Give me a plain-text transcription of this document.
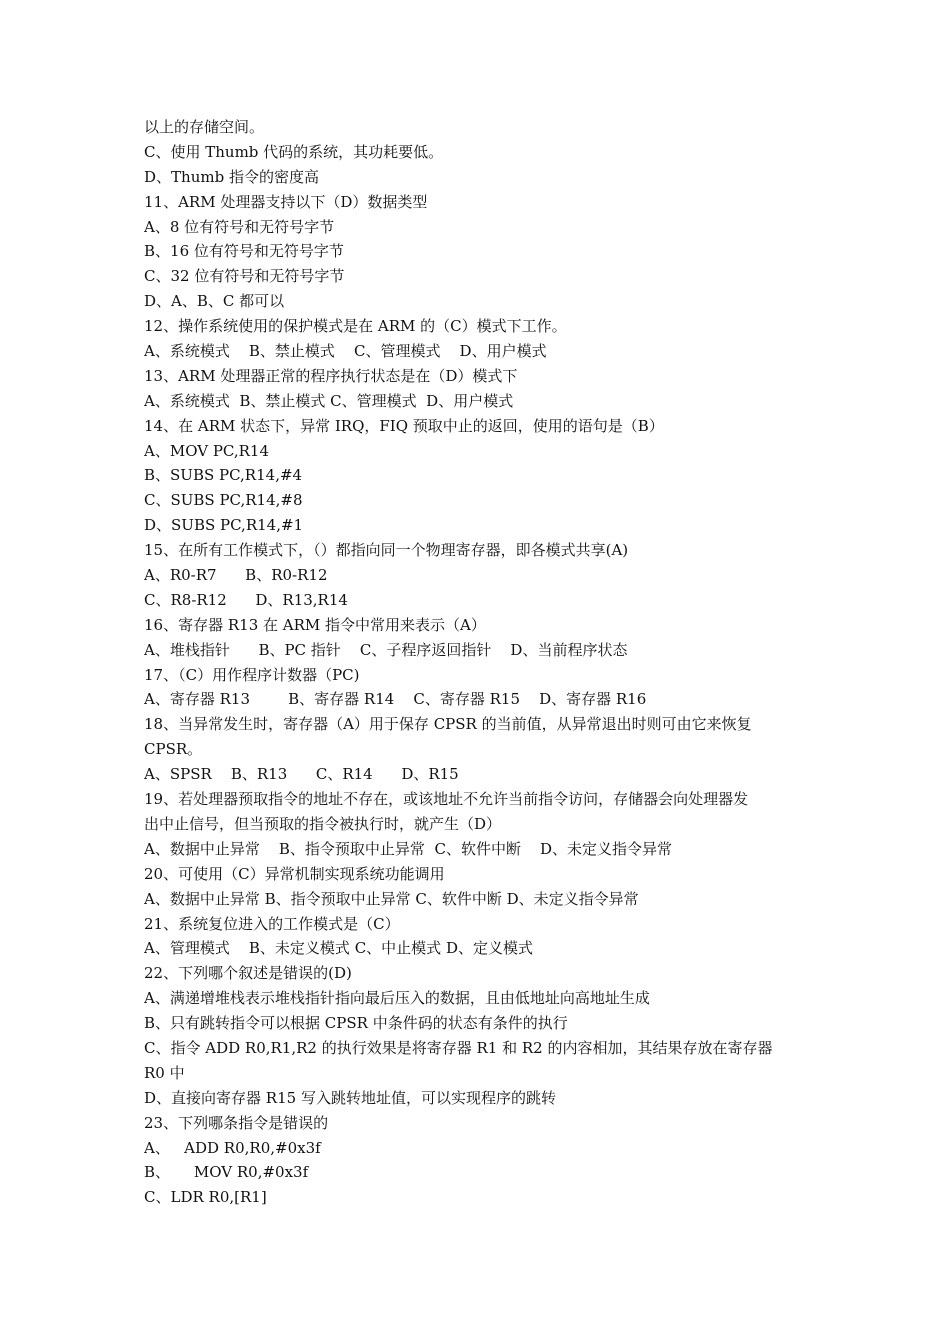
以上的存储空间。
C、使用 Thumb 代码的系统，其功耗要低。
D、Thumb 指令的密度高
11、ARM 处理器支持以下（D）数据类型
A、8 位有符号和无符号字节
B、16 位有符号和无符号字节
C、32 位有符号和无符号字节
D、A、B、C 都可以
12、操作系统使用的保护模式是在 ARM 的（C）模式下工作。
A、系统模式    B、禁止模式    C、管理模式    D、用户模式
13、ARM 处理器正常的程序执行状态是在（D）模式下
A、系统模式  B、禁止模式 C、管理模式  D、用户模式
14、在 ARM 状态下，异常 IRQ，FIQ 预取中止的返回，使用的语句是（B）
A、MOV PC,R14
B、SUBS PC,R14,#4
C、SUBS PC,R14,#8
D、SUBS PC,R14,#1
15、在所有工作模式下，（）都指向同一个物理寄存器，即各模式共享(A)
A、R0-R7      B、R0-R12
C、R8-R12      D、R13,R14
16、寄存器 R13 在 ARM 指令中常用来表示（A）
A、堆栈指针      B、PC 指针    C、子程序返回指针    D、当前程序状态
17、（C）用作程序计数器（PC)
A、寄存器 R13        B、寄存器 R14    C、寄存器 R15    D、寄存器 R16
18、当异常发生时，寄存器（A）用于保存 CPSR 的当前值，从异常退出时则可由它来恢复
CPSR。
A、SPSR    B、R13      C、R14      D、R15
19、若处理器预取指令的地址不存在，或该地址不允许当前指令访问，存储器会向处理器发
出中止信号，但当预取的指令被执行时，就产生（D）
A、数据中止异常    B、指令预取中止异常  C、软件中断    D、未定义指令异常
20、可使用（C）异常机制实现系统功能调用
A、数据中止异常 B、指令预取中止异常 C、软件中断 D、未定义指令异常
21、系统复位进入的工作模式是（C）
A、管理模式    B、未定义模式 C、中止模式 D、定义模式
22、下列哪个叙述是错误的(D)
A、满递增堆栈表示堆栈指针指向最后压入的数据，且由低地址向高地址生成
B、只有跳转指令可以根据 CPSR 中条件码的状态有条件的执行
C、指令 ADD R0,R1,R2 的执行效果是将寄存器 R1 和 R2 的内容相加，其结果存放在寄存器
R0 中
D、直接向寄存器 R15 写入跳转地址值，可以实现程序的跳转
23、下列哪条指令是错误的
A、   ADD R0,R0,#0x3f
B、     MOV R0,#0x3f
C、LDR R0,[R1]
